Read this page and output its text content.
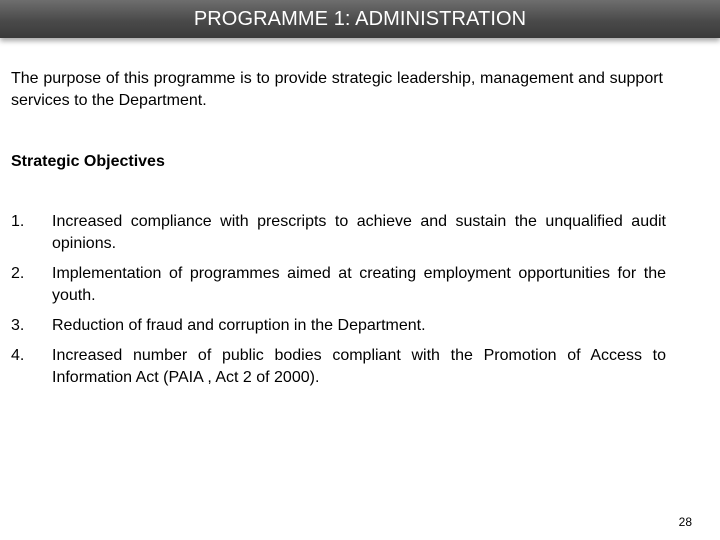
PROGRAMME 1: ADMINISTRATION

The purpose of this programme is to provide strategic leadership, management and support services to the Department.

Strategic Objectives
1.	Increased compliance with prescripts to achieve and sustain the unqualified audit opinions.
2.	Implementation of programmes aimed at creating employment opportunities for the youth.
3.	Reduction of fraud and corruption in the Department.
4.	Increased number of public bodies compliant with the Promotion of Access to Information Act (PAIA , Act 2 of 2000).
28
